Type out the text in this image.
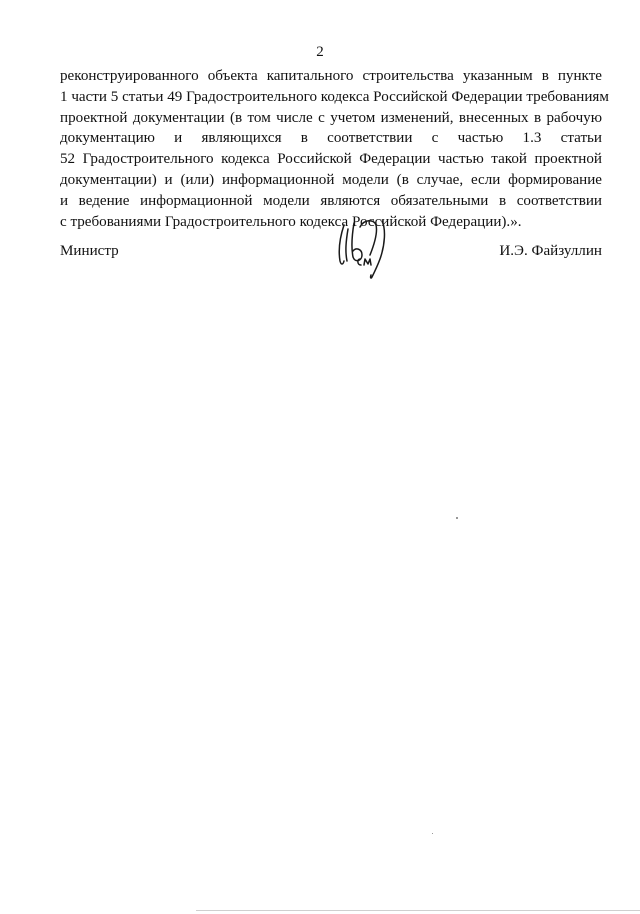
2
реконструированного объекта капитального строительства указанным в пункте
1 части 5 статьи 49 Градостроительного кодекса Российской Федерации требованиям
проектной документации (в том числе с учетом изменений, внесенных в рабочую
документацию и являющихся в соответствии с частью 1.3 статьи
52 Градостроительного кодекса Российской Федерации частью такой проектной
документации) и (или) информационной модели (в случае, если формирование
и ведение информационной модели являются обязательными в соответствии
с требованиями Градостроительного кодекса Российской Федерации).».
Министр	И.Э. Файзуллин
